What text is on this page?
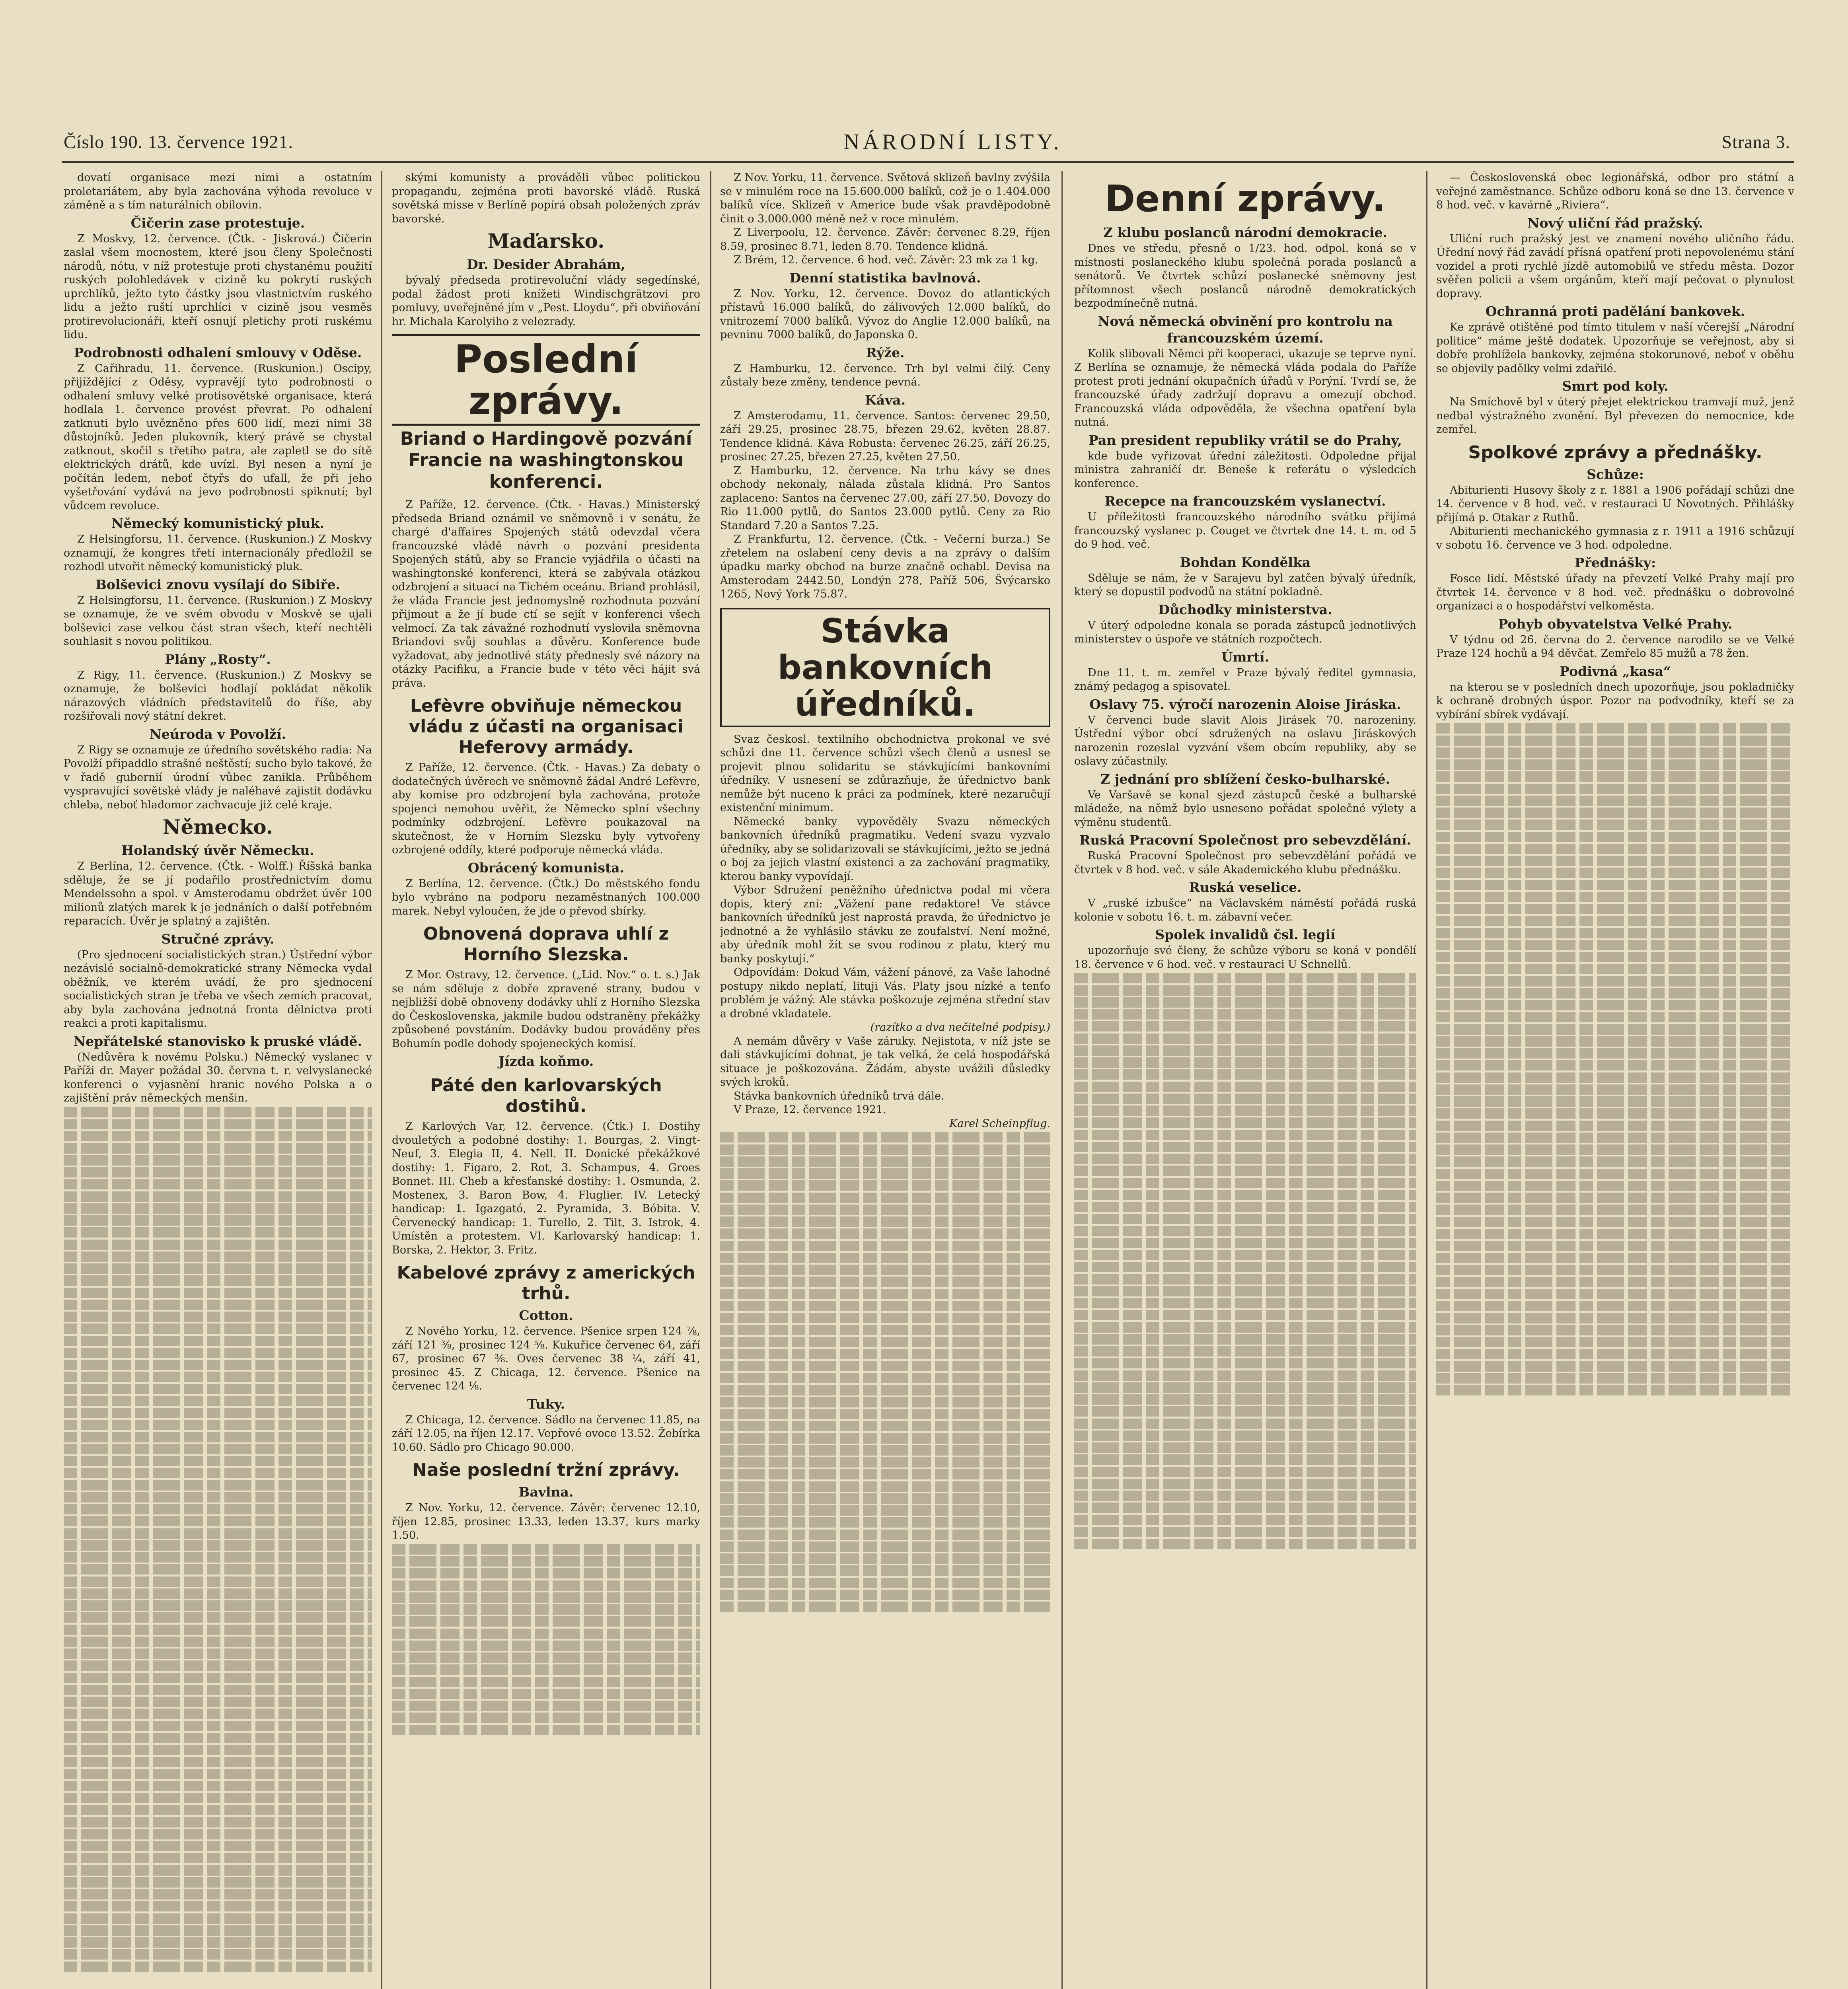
Číslo 190. 13. července 1921.	NÁRODNÍ LISTY.	Strana 3.

dovatí organisace mezi nimi a ostatním proletariátem, aby byla zachována výhoda revoluce v záměně a s tím naturálních obilovin.

Čičerin zase protestuje.

Z Moskvy, 12. července. (Čtk. - Jiskrová.) Čičerin zaslal všem mocnostem, které jsou členy Společnosti národů, nótu, v níž protestuje proti chystanému použití ruských polohledávek v cizině ku pokrytí ruských uprchlíků, ježto tyto částky jsou vlastnictvím ruského lidu a ježto ruští uprchlíci v cizině jsou vesměs protirevolucionáři, kteří osnují pletichy proti ruskému lidu.

Podrobnosti odhalení smlouvy v Oděse.

Z Cařihradu, 11. července. (Ruskunion.) Oscipy, přijíždějící z Oděsy, vypravějí tyto podrobnosti o odhalení smluvy velké protisovětské organisace, která hodlala 1. července provést převrat. Po odhalení zatknuti bylo uvězněno přes 600 lidí, mezi nimi 38 důstojníků. Jeden plukovník, který právě se chystal zatknout, skočil s třetího patra, ale zapletl se do sítě elektrických drátů, kde uvízl. Byl nesen a nyní je počítán ledem, neboť čtyřs do ufall, že při jeho vyšetřování vydává na jevo podrobnosti spiknutí; byl vůdcem revoluce.

Německý komunistický pluk.

Z Helsingforsu, 11. července. (Ruskunion.) Z Moskvy oznamují, že kongres třetí internacionály předložil se rozhodl utvořit německý komunistický pluk.

Bolševici znovu vysílají do Sibiře.

Z Helsingforsu, 11. července. (Ruskunion.) Z Moskvy se oznamuje, že ve svém obvodu v Moskvě se ujali bolševici zase velkou část stran všech, kteří nechtěli souhlasit s novou politikou.

Plány „Rosty“.

Z Rigy, 11. července. (Ruskunion.) Z Moskvy se oznamuje, že bolševici hodlají pokládat několik nárazových vládních představitelů do říše, aby rozšiřovali nový státní dekret.

Neúroda v Povolží.

Z Rigy se oznamuje ze úředního sovětského radia: Na Povolží připaddlo strašné neštěstí; sucho bylo takové, že v řadě gubernií úrodní vůbec zanikla. Průběhem vyspravující sovětské vlády je naléhavé zajistit dodávku chleba, neboť hladomor zachvacuje již celé kraje.

Německo.
Holandský úvěr Německu.

Z Berlína, 12. července. (Čtk. - Wolff.) Říšská banka sděluje, že se jí podařilo prostřednictvím domu Mendelssohn a spol. v Amsterodamu obdržet úvěr 100 milionů zlatých marek k je jednáních o další potřebném reparacích. Úvěr je splatný a zajištěn.

Stručné zprávy.

(Pro sjednocení socialistických stran.) Ústřední výbor nezávislé socialně-demokratické strany Německa vydal oběžník, ve kterém uvádí, že pro sjednocení socialistických stran je třeba ve všech zemích pracovat, aby byla zachována jednotná fronta dělnictva proti reakci a proti kapitalismu.

Nepřátelské stanovisko k pruské vládě.

(Nedůvěra k novému Polsku.) Německý vyslanec v Paříži dr. Mayer požádal 30. června t. r. velvyslanecké konferenci o vyjasnění hranic nového Polska a o zajištění práv německých menšin.

skými komunisty a prováděli vůbec politickou propagandu, zejména proti bavorské vládě. Ruská sovětská misse v Berlíně popírá obsah položených zpráv bavorské.

Maďarsko.
Dr. Desider Abrahám,

bývalý předseda protirevoluční vlády segedínské, podal žádost proti knížeti Windischgrätzovi pro pomluvy, uveřejněné jím v „Pest. Lloydu“, při obviňování hr. Michala Karolyiho z velezrady.

Poslední zprávy.
Briand o Hardingově pozvání Francie na washingtonskou konferenci.

Z Paříže, 12. července. (Čtk. - Havas.) Ministerský předseda Briand oznámil ve sněmovně i v senátu, že chargé d'affaires Spojených států odevzdal včera francouzské vládě návrh o pozvání presidenta Spojených států, aby se Francie vyjádřila o účasti na washingtonské konferenci, která se zabývala otázkou odzbrojení a situací na Tichém oceánu. Briand prohlásil, že vláda Francie jest jednomyslně rozhodnuta pozvání přijmout a že jí bude ctí se sejít v konferenci všech velmocí. Za tak závažné rozhodnutí vyslovila sněmovna Briandovi svůj souhlas a důvěru. Konference bude vyžadovat, aby jednotlivé státy přednesly své názory na otázky Pacifiku, a Francie bude v této věci hájit svá práva.

Lefèvre obviňuje německou vládu z účasti na organisaci Heferovy armády.

Z Paříže, 12. července. (Čtk. - Havas.) Za debaty o dodatečných úvěrech ve sněmovně žádal André Lefèvre, aby komise pro odzbrojení byla zachována, protože spojenci nemohou uvěřit, že Německo splní všechny podmínky odzbrojení. Lefèvre poukazoval na skutečnost, že v Horním Slezsku byly vytvořeny ozbrojené oddíly, které podporuje německá vláda.

Obrácený komunista.

Z Berlína, 12. července. (Čtk.) Do městského fondu bylo vybráno na podporu nezaměstnaných 100.000 marek. Nebyl vyloučen, že jde o převod sbírky.

Obnovená doprava uhlí z Horního Slezska.

Z Mor. Ostravy, 12. července. („Lid. Nov.“ o. t. s.) Jak se nám sděluje z dobře zpravené strany, budou v nejbližší době obnoveny dodávky uhlí z Horního Slezska do Československa, jakmile budou odstraněny překážky způsobené povstáním. Dodávky budou prováděny přes Bohumín podle dohody spojeneckých komisí.

Jízda koňmo.
Páté den karlovarských dostihů.

Z Karlových Var, 12. července. (Čtk.) I. Dostihy dvouletých a podobné dostihy: 1. Bourgas, 2. Vingt-Neuf, 3. Elegia II, 4. Nell. II. Donické překážkové dostihy: 1. Figaro, 2. Rot, 3. Schampus, 4. Groes Bonnet. III. Cheb a křesťanské dostihy: 1. Osmunda, 2. Mostenex, 3. Baron Bow, 4. Fluglier. IV. Letecký handicap: 1. Igazgató, 2. Pyramida, 3. Bóbita. V. Červenecký handicap: 1. Turello, 2. Tilt, 3. Istrok, 4. Umístěn a protestem. VI. Karlovarský handicap: 1. Borska, 2. Hektor, 3. Fritz.

Kabelové zprávy z amerických trhů.
Cotton.

Z Nového Yorku, 12. července. Pšenice srpen 124 ⅞, září 121 ⅜, prosinec 124 ⅝. Kukuřice červenec 64, září 67, prosinec 67 ⅜. Oves červenec 38 ¼, září 41, prosinec 45. Z Chicaga, 12. července. Pšenice na červenec 124 ⅛.

Tuky.

Z Chicaga, 12. července. Sádlo na červenec 11.85, na září 12.05, na říjen 12.17. Vepřové ovoce 13.52. Žebírka 10.60. Sádlo pro Chicago 90.000.

Naše poslední tržní zprávy.
Bavlna.

Z Nov. Yorku, 12. července. Závěr: červenec 12.10, říjen 12.85, prosinec 13.33, leden 13.37, kurs marky 1.50.

Z Nov. Yorku, 11. července. Světová sklizeň bavlny zvýšila se v minulém roce na 15.600.000 balíků, což je o 1.404.000 balíků více. Sklizeň v Americe bude však pravděpodobně činit o 3.000.000 méně než v roce minulém.

Z Liverpoolu, 12. července. Závěr: červenec 8.29, říjen 8.59, prosinec 8.71, leden 8.70. Tendence klidná.

Z Brém, 12. července. 6 hod. več. Závěr: 23 mk za 1 kg.

Denní statistika bavlnová.

Z Nov. Yorku, 12. července. Dovoz do atlantických přístavů 16.000 balíků, do zálivových 12.000 balíků, do vnitrozemí 7000 balíků. Vývoz do Anglie 12.000 balíků, na pevninu 7000 balíků, do Japonska 0.

Rýže.

Z Hamburku, 12. července. Trh byl velmi čilý. Ceny zůstaly beze změny, tendence pevná.

Káva.

Z Amsterodamu, 11. července. Santos: červenec 29.50, září 29.25, prosinec 28.75, březen 29.62, květen 28.87. Tendence klidná. Káva Robusta: červenec 26.25, září 26.25, prosinec 27.25, březen 27.25, květen 27.50.

Z Hamburku, 12. července. Na trhu kávy se dnes obchody nekonaly, nálada zůstala klidná. Pro Santos zaplaceno: Santos na červenec 27.00, září 27.50. Dovozy do Rio 11.000 pytlů, do Santos 23.000 pytlů. Ceny za Rio Standard 7.20 a Santos 7.25.

Z Frankfurtu, 12. července. (Čtk. - Večerní burza.) Se zřetelem na oslabení ceny devis a na zprávy o dalším úpadku marky obchod na burze značně ochabl. Devisa na Amsterodam 2442.50, Londýn 278, Paříž 506, Švýcarsko 1265, Nový York 75.87.

Stávka bankovních úředníků.

Svaz českosl. textilního obchodnictva prokonal ve své schůzi dne 11. července schůzi všech členů a usnesl se projevit plnou solidaritu se stávkujícími bankovními úředníky. V usnesení se zdůrazňuje, že úřednictvo bank nemůže být nuceno k práci za podmínek, které nezaručují existenční minimum.

Německé banky vypověděly Svazu německých bankovních úředníků pragmatiku. Vedení svazu vyzvalo úředníky, aby se solidarizovali se stávkujícími, ježto se jedná o boj za jejich vlastní existenci a za zachování pragmatiky, kterou banky vypovídají.

Výbor Sdružení peněžního úřednictva podal mi včera dopis, který zní: „Vážení pane redaktore! Ve stávce bankovních úředníků jest naprostá pravda, že úřednictvo je jednotné a že vyhlásilo stávku ze zoufalství. Není možné, aby úředník mohl žít se svou rodinou z platu, který mu banky poskytují.“

Odpovídám: Dokud Vám, vážení pánové, za Vaše lahodné postupy nikdo neplatí, lituji Vás. Platy jsou nízké a tenťo problém je vážný. Ale stávka poškozuje zejména střední stav a drobné vkladatele.

(razítko a dva nečitelné podpisy.)

A nemám důvěry v Vaše záruky. Nejistota, v níž jste se dali stávkujícími dohnat, je tak velká, že celá hospodářská situace je poškozována. Žádám, abyste uvážili důsledky svých kroků.

Stávka bankovních úředníků trvá dále.

V Praze, 12. července 1921.

Karel Scheinpflug.

Denní zprávy.
Z klubu poslanců národní demokracie.

Dnes ve středu, přesně o 1/23. hod. odpol. koná se v místnosti poslaneckého klubu společná porada poslanců a senátorů. Ve čtvrtek schůzí poslanecké sněmovny jest přítomnost všech poslanců národně demokratických bezpodmínečně nutná.

Nová německá obvinění pro kontrolu na francouzském území.

Kolik slibovali Němci při kooperaci, ukazuje se teprve nyní. Z Berlína se oznamuje, že německá vláda podala do Paříže protest proti jednání okupačních úřadů v Porýní. Tvrdí se, že francouzské úřady zadržují dopravu a omezují obchod. Francouzská vláda odpověděla, že všechna opatření byla nutná.

Pan president republiky vrátil se do Prahy,

kde bude vyřizovat úřední záležitosti. Odpoledne přijal ministra zahraničí dr. Beneše k referátu o výsledcích konference.

Recepce na francouzském vyslanectví.

U příležitosti francouzského národního svátku přijímá francouzský vyslanec p. Couget ve čtvrtek dne 14. t. m. od 5 do 9 hod. več.

Bohdan Kondělka

Sděluje se nám, že v Sarajevu byl zatčen bývalý úředník, který se dopustil podvodů na státní pokladně.

Důchodky ministerstva.

V úterý odpoledne konala se porada zástupců jednotlivých ministerstev o úspoře ve státních rozpočtech.

Úmrtí.

Dne 11. t. m. zemřel v Praze bývalý ředitel gymnasia, známý pedagog a spisovatel.

Oslavy 75. výročí narozenin Aloise Jiráska.

V červenci bude slavit Alois Jirásek 70. narozeniny. Ústřední výbor obcí sdružených na oslavu Jiráskových narozenin rozeslal vyzvání všem obcím republiky, aby se oslavy zúčastnily.

Z jednání pro sblížení česko-bulharské.

Ve Varšavě se konal sjezd zástupců české a bulharské mládeže, na němž bylo usneseno pořádat společné výlety a výměnu studentů.

Ruská Pracovní Společnost pro sebevzdělání.

Ruská Pracovní Společnost pro sebevzdělání pořádá ve čtvrtek v 8 hod. več. v sále Akademického klubu přednášku.

Ruská veselice.

V „ruské izbušce“ na Václavském náměstí pořádá ruská kolonie v sobotu 16. t. m. zábavní večer.

Spolek invalidů čsl. legií

upozorňuje své členy, že schůze výboru se koná v pondělí 18. července v 6 hod. več. v restauraci U Schnellů.

— Československá obec legionářská, odbor pro státní a veřejné zaměstnance. Schůze odboru koná se dne 13. července v 8 hod. več. v kavárně „Riviera“.

Nový uliční řád pražský.

Uliční ruch pražský jest ve znamení nového uličního řádu. Úřední nový řád zavádí přísná opatření proti nepovolenému stání vozidel a proti rychlé jízdě automobilů ve středu města. Dozor svěřen policii a všem orgánům, kteří mají pečovat o plynulost dopravy.

Ochranná proti padělání bankovek.

Ke zprávě otištěné pod tímto titulem v naší včerejší „Národní politice“ máme ještě dodatek. Upozorňuje se veřejnost, aby si dobře prohlížela bankovky, zejména stokorunové, neboť v oběhu se objevily padělky velmi zdařilé.

Smrt pod koly.

Na Smíchově byl v úterý přejet elektrickou tramvají muž, jenž nedbal výstražného zvonění. Byl převezen do nemocnice, kde zemřel.

Spolkové zprávy a přednášky.
Schůze:

Abiturienti Husovy školy z r. 1881 a 1906 pořádají schůzi dne 14. července v 8 hod. več. v restauraci U Novotných. Přihlášky přijímá p. Otakar z Ruthů.

Abiturienti mechanického gymnasia z r. 1911 a 1916 schůzují v sobotu 16. července ve 3 hod. odpoledne.

Přednášky:

Fosce lidí. Městské úřady na převzetí Velké Prahy mají pro čtvrtek 14. července v 8 hod. več. přednášku o dobrovolné organizaci a o hospodářství velkoměsta.

Pohyb obyvatelstva Velké Prahy.

V týdnu od 26. června do 2. července narodilo se ve Velké Praze 124 hochů a 94 děvčat. Zemřelo 85 mužů a 78 žen.

Podivná „kasa“

na kterou se v posledních dnech upozorňuje, jsou pokladničky k ochraně drobných úspor. Pozor na podvodníky, kteří se za vybírání sbírek vydávají.
